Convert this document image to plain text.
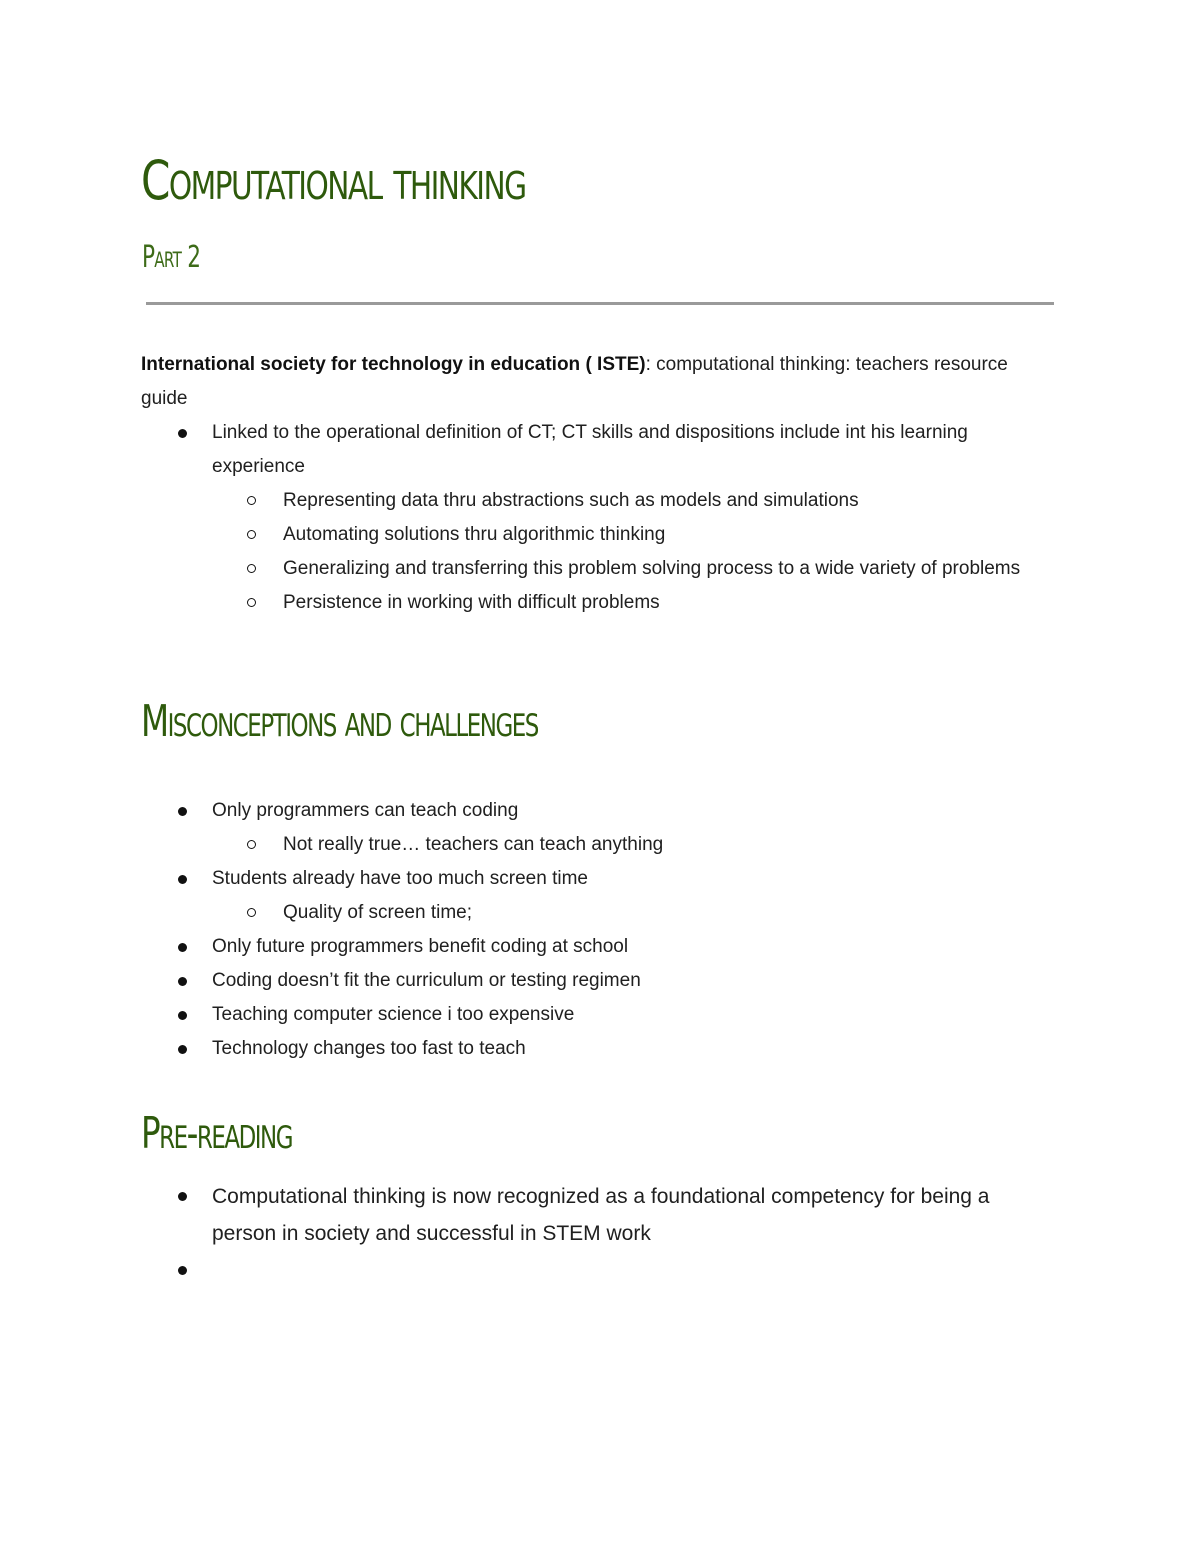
Computational thinking
Part 2

International society for technology in education ( ISTE): computational thinking: teachers resource guide

Linked to the operational definition of CT; CT skills and dispositions include int his learning experience
Representing data thru abstractions such as models and simulations
Automating solutions thru algorithmic thinking
Generalizing and transferring this problem solving process to a wide variety of problems
Persistence in working with difficult problems
Misconceptions and challenges
Only programmers can teach coding
Not really true… teachers can teach anything
Students already have too much screen time
Quality of screen time;
Only future programmers benefit coding at school
Coding doesn’t fit the curriculum or testing regimen
Teaching computer science i too expensive
Technology changes too fast to teach
Pre-reading
Computational thinking is now recognized as a foundational competency for being a person in society and successful in STEM work
